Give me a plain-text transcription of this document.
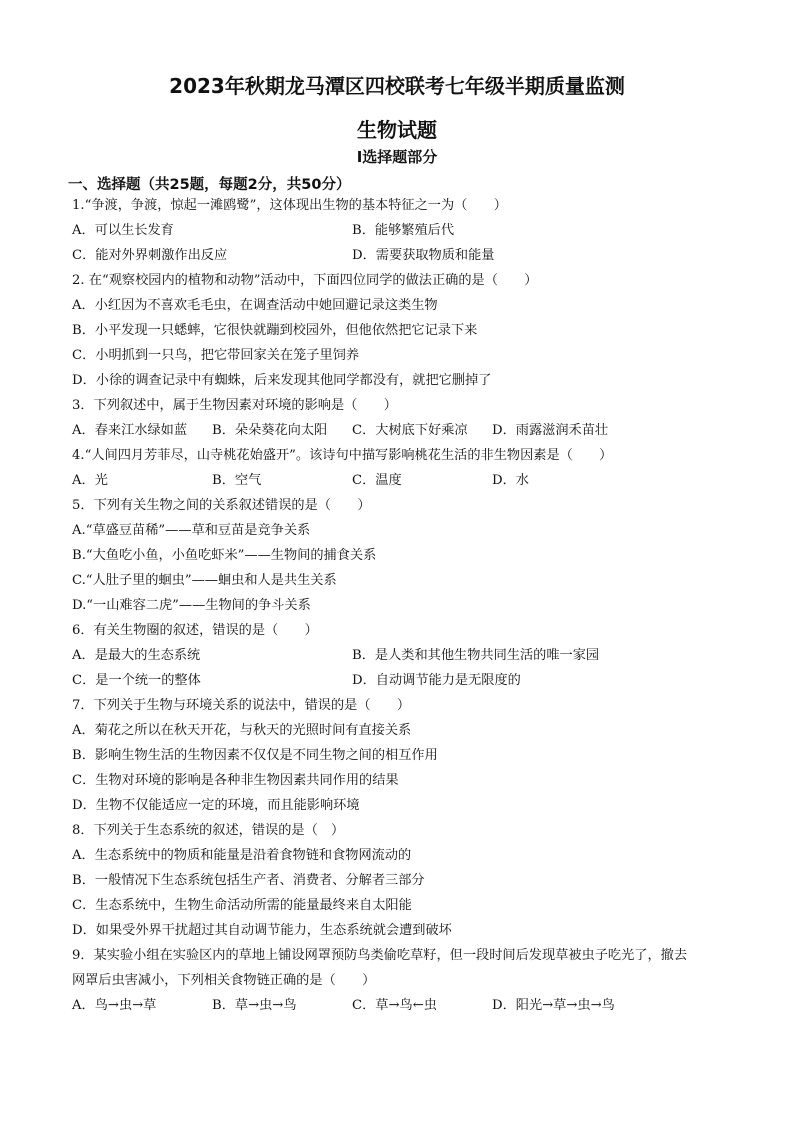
2023年秋期龙马潭区四校联考七年级半期质量监测
生物试题
Ⅰ选择题部分
一、选择题（共25题，每题2分，共50分）
1.“争渡，争渡，惊起一滩鸥鹭”，这体现出生物的基本特征之一为（　　）
A．可以生长发育	B．能够繁殖后代
C．能对外界刺激作出反应	D．需要获取物质和能量
2. 在“观察校园内的植物和动物”活动中，下面四位同学的做法正确的是（　　）
A．小红因为不喜欢毛毛虫，在调查活动中她回避记录这类生物
B．小平发现一只蟋蟀，它很快就蹦到校园外，但他依然把它记录下来
C．小明抓到一只鸟，把它带回家关在笼子里饲养
D．小徐的调查记录中有蜘蛛，后来发现其他同学都没有，就把它删掉了
3．下列叙述中，属于生物因素对环境的影响是（　　）
A．春来江水绿如蓝 B．朵朵葵花向太阳 C．大树底下好乘凉 D．雨露滋润禾苗壮
4.“人间四月芳菲尽，山寺桃花始盛开”。该诗句中描写影响桃花生活的非生物因素是（　　）
A．光	B．空气	C．温度	D．水
5．下列有关生物之间的关系叙述错误的是（　　）
A.“草盛豆苗稀”——草和豆苗是竞争关系
B.“大鱼吃小鱼，小鱼吃虾米”——生物间的捕食关系
C.“人肚子里的蛔虫”——蛔虫和人是共生关系
D.“一山难容二虎”——生物间的争斗关系
6．有关生物圈的叙述，错误的是（　　）
A．是最大的生态系统	B．是人类和其他生物共同生活的唯一家园
C．是一个统一的整体	D．自动调节能力是无限度的
7．下列关于生物与环境关系的说法中，错误的是（　　）
A．菊花之所以在秋天开花，与秋天的光照时间有直接关系
B．影响生物生活的生物因素不仅仅是不同生物之间的相互作用
C．生物对环境的影响是各种非生物因素共同作用的结果
D．生物不仅能适应一定的环境，而且能影响环境
8．下列关于生态系统的叙述，错误的是（　）
A．生态系统中的物质和能量是沿着食物链和食物网流动的
B．一般情况下生态系统包括生产者、消费者、分解者三部分
C．生态系统中，生物生命活动所需的能量最终来自太阳能
D．如果受外界干扰超过其自动调节能力，生态系统就会遭到破坏
9．某实验小组在实验区内的草地上铺设网罩预防鸟类偷吃草籽，但一段时间后发现草被虫子吃光了，撤去
网罩后虫害减小，下列相关食物链正确的是（　　）
A．鸟→虫→草	B．草→虫→鸟	C．草→鸟←虫	D．阳光→草→虫→鸟
